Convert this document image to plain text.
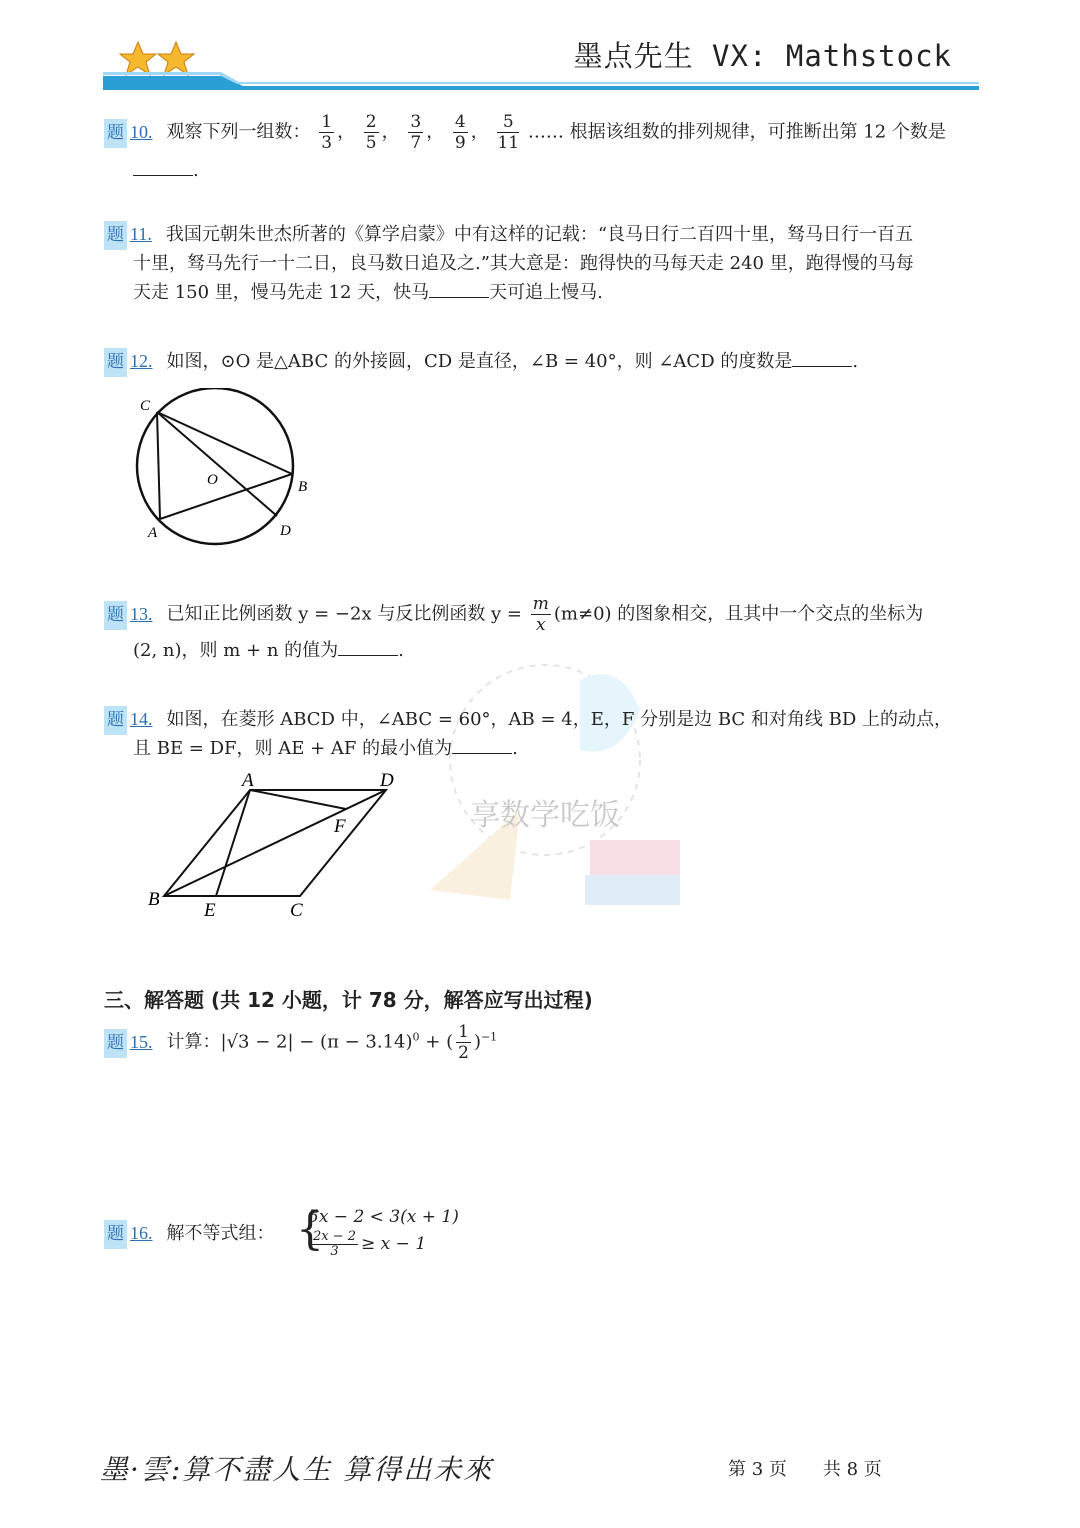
墨点先生 VX: Mathstock
题 10. 观察下列一组数： $\frac{1}{3}$ ， $\frac{2}{5}$ ， $\frac{3}{7}$ ， $\frac{4}{9}$ ， $\frac{5}{11}$ …… 根据该组数的排列规律，可推断出第 12 个数是
.
题 11. 我国元朝朱世杰所著的《算学启蒙》中有这样的记载：“良马日行二百四十里，驽马日行一百五
十里，驽马先行一十二日，良马数日追及之.”其大意是：跑得快的马每天走 240 里，跑得慢的马每
天走 150 里，慢马先走 12 天，快马	天可追上慢马.
题 12. 如图，⊙O 是△ABC 的外接圆，CD 是直径，∠B = 40°，则 ∠ACD 的度数是	.
C
O	B
A	D
题 13. 已知正比例函数 y = −2x 与反比例函数 $y = \frac{m}{x} (m\ne 0)$ 的图象相交，且其中一个交点的坐标为
(2, n)，则 m + n 的值为	.
享数学吃饭
题 14. 如图，在菱形 ABCD 中，∠ABC = 60°，AB = 4，E，F 分别是边 BC 和对角线 BD 上的动点，
且 BE = DF，则 AE + AF 的最小值为	.
A	D
F
B
E	C
三、解答题 (共 12 小题，计 78 分，解答应写出过程)
题 15. 计算：$|√3 - 2| - (\pi - 3.14)^0$ + ( $\frac{1}{2} )^{-1}$
题 16. 解不等式组： {
5x − 2 < 3(x + 1)
$\frac{2x - 2}{3} \ge x - 1$
墨·雲:算不盡人生 算得出未來	第 3 页 共 8 页
